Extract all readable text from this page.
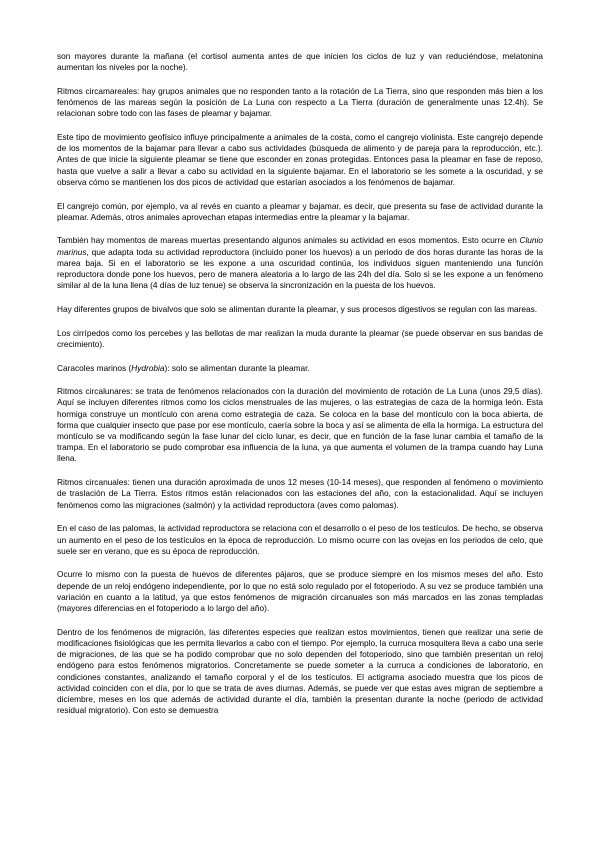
son mayores durante la mañana (el cortisol aumenta antes de que inicien los ciclos de luz y van reduciéndose, melatonina aumentan los niveles por la noche).

Ritmos circamareales: hay grupos animales que no responden tanto a la rotación de La Tierra, sino que responden más bien a los fenómenos de las mareas según la posición de La Luna con respecto a La Tierra (duración de generalmente unas 12.4h). Se relacionan sobre todo con las fases de pleamar y bajamar.

Este tipo de movimiento geofísico influye principalmente a animales de la costa, como el cangrejo violinista. Este cangrejo depende de los momentos de la bajamar para llevar a cabo sus actividades (búsqueda de alimento y de pareja para la reproducción, etc.). Antes de que inicie la siguiente pleamar se tiene que esconder en zonas protegidas. Entonces pasa la pleamar en fase de reposo, hasta que vuelve a salir a llevar a cabo su actividad en la siguiente bajamar. En el laboratorio se les somete a la oscuridad, y se observa cómo se mantienen los dos picos de actividad que estarían asociados a los fenómenos de bajamar.

El cangrejo común, por ejemplo, va al revés en cuanto a pleamar y bajamar, es decir, que presenta su fase de actividad durante la pleamar. Además, otros animales aprovechan etapas intermedias entre la pleamar y la bajamar.

También hay momentos de mareas muertas presentando algunos animales su actividad en esos momentos. Esto ocurre en Clunio marinus, que adapta toda su actividad reproductora (incluido poner los huevos) a un periodo de dos horas durante las horas de la marea baja. Si en el laboratorio se les expone a una oscuridad continúa, los individuos siguen manteniendo una función reproductora donde pone los huevos, pero de manera aleatoria a lo largo de las 24h del día. Solo si se les expone a un fenómeno similar al de la luna llena (4 días de luz tenue) se observa la sincronización en la puesta de los huevos.

Hay diferentes grupos de bivalvos que solo se alimentan durante la pleamar, y sus procesos digestivos se regulan con las mareas.

Los cirrípedos como los percebes y las bellotas de mar realizan la muda durante la pleamar (se puede observar en sus bandas de crecimiento).

Caracoles marinos (Hydrobia): solo se alimentan durante la pleamar.

Ritmos circalunares: se trata de fenómenos relacionados con la duración del movimiento de rotación de La Luna (unos 29,5 días). Aquí se incluyen diferentes ritmos como los ciclos menstruales de las mujeres, o las estrategias de caza de la hormiga león. Esta hormiga construye un montículo con arena como estrategia de caza. Se coloca en la base del montículo con la boca abierta, de forma que cualquier insecto que pase por ese montículo, caería sobre la boca y así se alimenta de ella la hormiga. La estructura del montículo se va modificando según la fase lunar del ciclo lunar, es decir, que en función de la fase lunar cambia el tamaño de la trampa. En el laboratorio se pudo comprobar esa influencia de la luna, ya que aumenta el volumen de la trampa cuando hay Luna llena.

Ritmos circanuales: tienen una duración aproximada de unos 12 meses (10-14 meses), que responden al fenómeno o movimiento de traslación de La Tierra. Estos ritmos están relacionados con las estaciones del año, con la estacionalidad. Aquí se incluyen fenómenos como las migraciones (salmón) y la actividad reproductora (aves como palomas).

En el caso de las palomas, la actividad reproductora se relaciona con el desarrollo o el peso de los testículos. De hecho, se observa un aumento en el peso de los testículos en la época de reproducción. Lo mismo ocurre con las ovejas en los periodos de celo, que suele ser en verano, que es su época de reproducción.

Ocurre lo mismo con la puesta de huevos de diferentes pájaros, que se produce siempre en los mismos meses del año. Esto depende de un reloj endógeno independiente, por lo que no está solo regulado por el fotoperiodo. A su vez se produce también una variación en cuanto a la latitud, ya que estos fenómenos de migración circanuales son más marcados en las zonas templadas (mayores diferencias en el fotoperiodo a lo largo del año).

Dentro de los fenómenos de migración, las diferentes especies que realizan estos movimientos, tienen que realizar una serie de modificaciones fisiológicas que les permita llevarlos a cabo con el tiempo. Por ejemplo, la curruca mosquitera lleva a cabo una serie de migraciones, de las que se ha podido comprobar que no solo dependen del fotoperiodo, sino que también presentan un reloj endógeno para estos fenómenos migratorios. Concretamente se puede someter a la curruca a condiciones de laboratorio, en condiciones constantes, analizando el tamaño corporal y el de los testículos. El actigrama asociado muestra que los picos de actividad coinciden con el día, por lo que se trata de aves diurnas. Además, se puede ver que estas aves migran de septiembre a diciembre, meses en los que además de actividad durante el día, también la presentan durante la noche (periodo de actividad residual migratorio). Con esto se demuestra
